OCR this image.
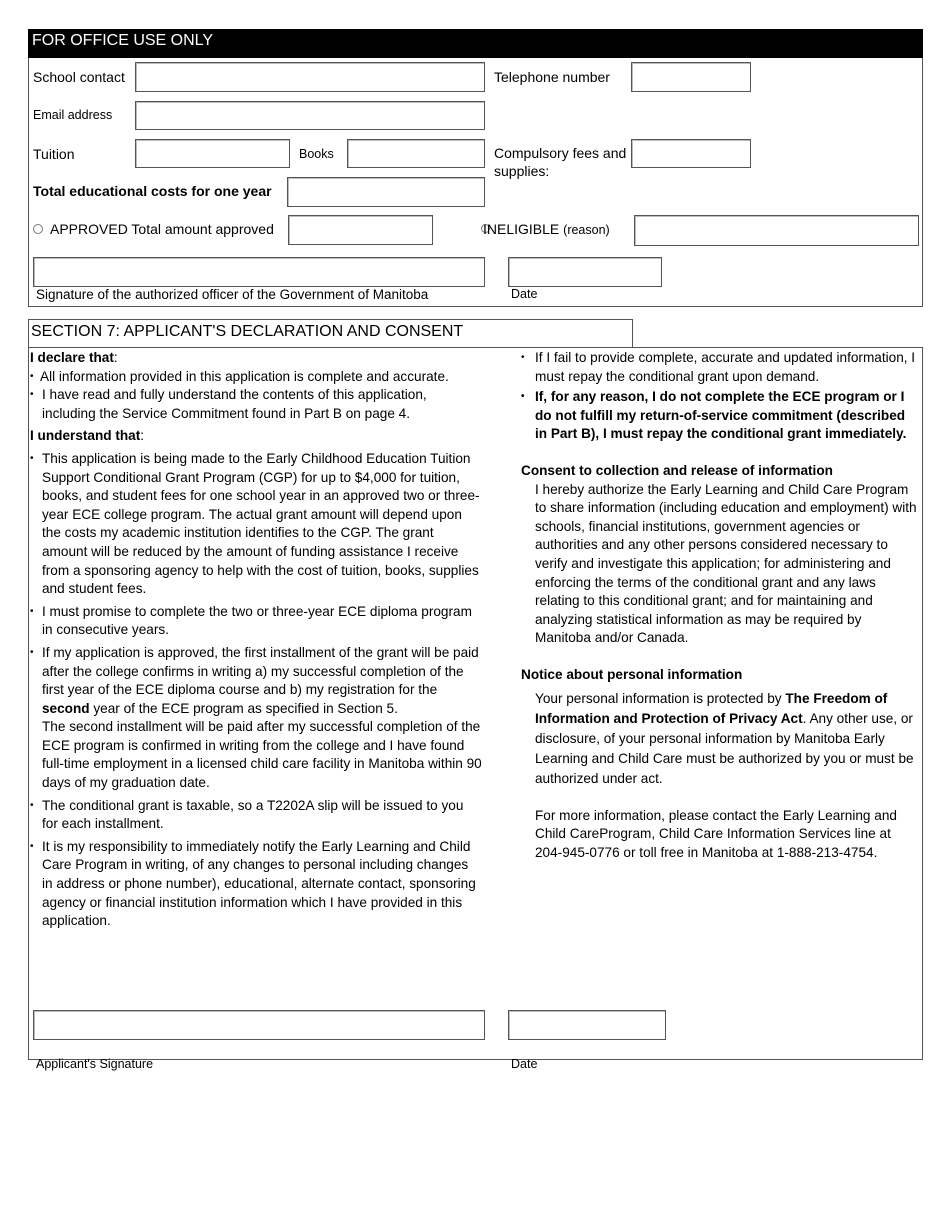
FOR OFFICE USE ONLY
School contact	Telephone number
Email address
Tuition	Books	Compulsory fees and supplies:
Total educational costs for one year
APPROVED Total amount approved	INELIGIBLE (reason)
Signature of the authorized officer of the Government of Manitoba	Date
SECTION 7: APPLICANT'S DECLARATION AND CONSENT

I declare that:

• All information provided in this application is complete and accurate.

• I have read and fully understand the contents of this application, including the Service Commitment found in Part B on page 4.

I understand that:

• This application is being made to the Early Childhood Education Tuition Support Conditional Grant Program (CGP) for up to $4,000 for tuition, books, and student fees for one school year in an approved two or three-year ECE college program. The actual grant amount will depend upon the costs my academic institution identifies to the CGP. The grant amount will be reduced by the amount of funding assistance I receive from a sponsoring agency to help with the cost of tuition, books, supplies and student fees.

• I must promise to complete the two or three-year ECE diploma program in consecutive years.

• If my application is approved, the first installment of the grant will be paid after the college confirms in writing a) my successful completion of the first year of the ECE diploma course and b) my registration for the second year of the ECE program as specified in Section 5.

The second installment will be paid after my successful completion of the ECE program is confirmed in writing from the college and I have found full-time employment in a licensed child care facility in Manitoba within 90 days of my graduation date.

• The conditional grant is taxable, so a T2202A slip will be issued to you for each installment.

• It is my responsibility to immediately notify the Early Learning and Child Care Program in writing, of any changes to personal including changes in address or phone number), educational, alternate contact, sponsoring agency or financial institution information which I have provided in this application.

• If I fail to provide complete, accurate and updated information, I must repay the conditional grant upon demand.

• If, for any reason, I do not complete the ECE program or I do not fulfill my return-of-service commitment (described in Part B), I must repay the conditional grant immediately.

Consent to collection and release of information

I hereby authorize the Early Learning and Child Care Program to share information (including education and employment) with schools, financial institutions, government agencies or authorities and any other persons considered necessary to verify and investigate this application; for administering and enforcing the terms of the conditional grant and any laws relating to this conditional grant; and for maintaining and analyzing statistical information as may be required by Manitoba and/or Canada.

Notice about personal information

Your personal information is protected by The Freedom of Information and Protection of Privacy Act. Any other use, or disclosure, of your personal information by Manitoba Early Learning and Child Care must be authorized by you or must be authorized under act.

For more information, please contact the Early Learning and Child CareProgram, Child Care Information Services line at 204-945-0776 or toll free in Manitoba at 1-888-213-4754.

Applicant's Signature	Date
